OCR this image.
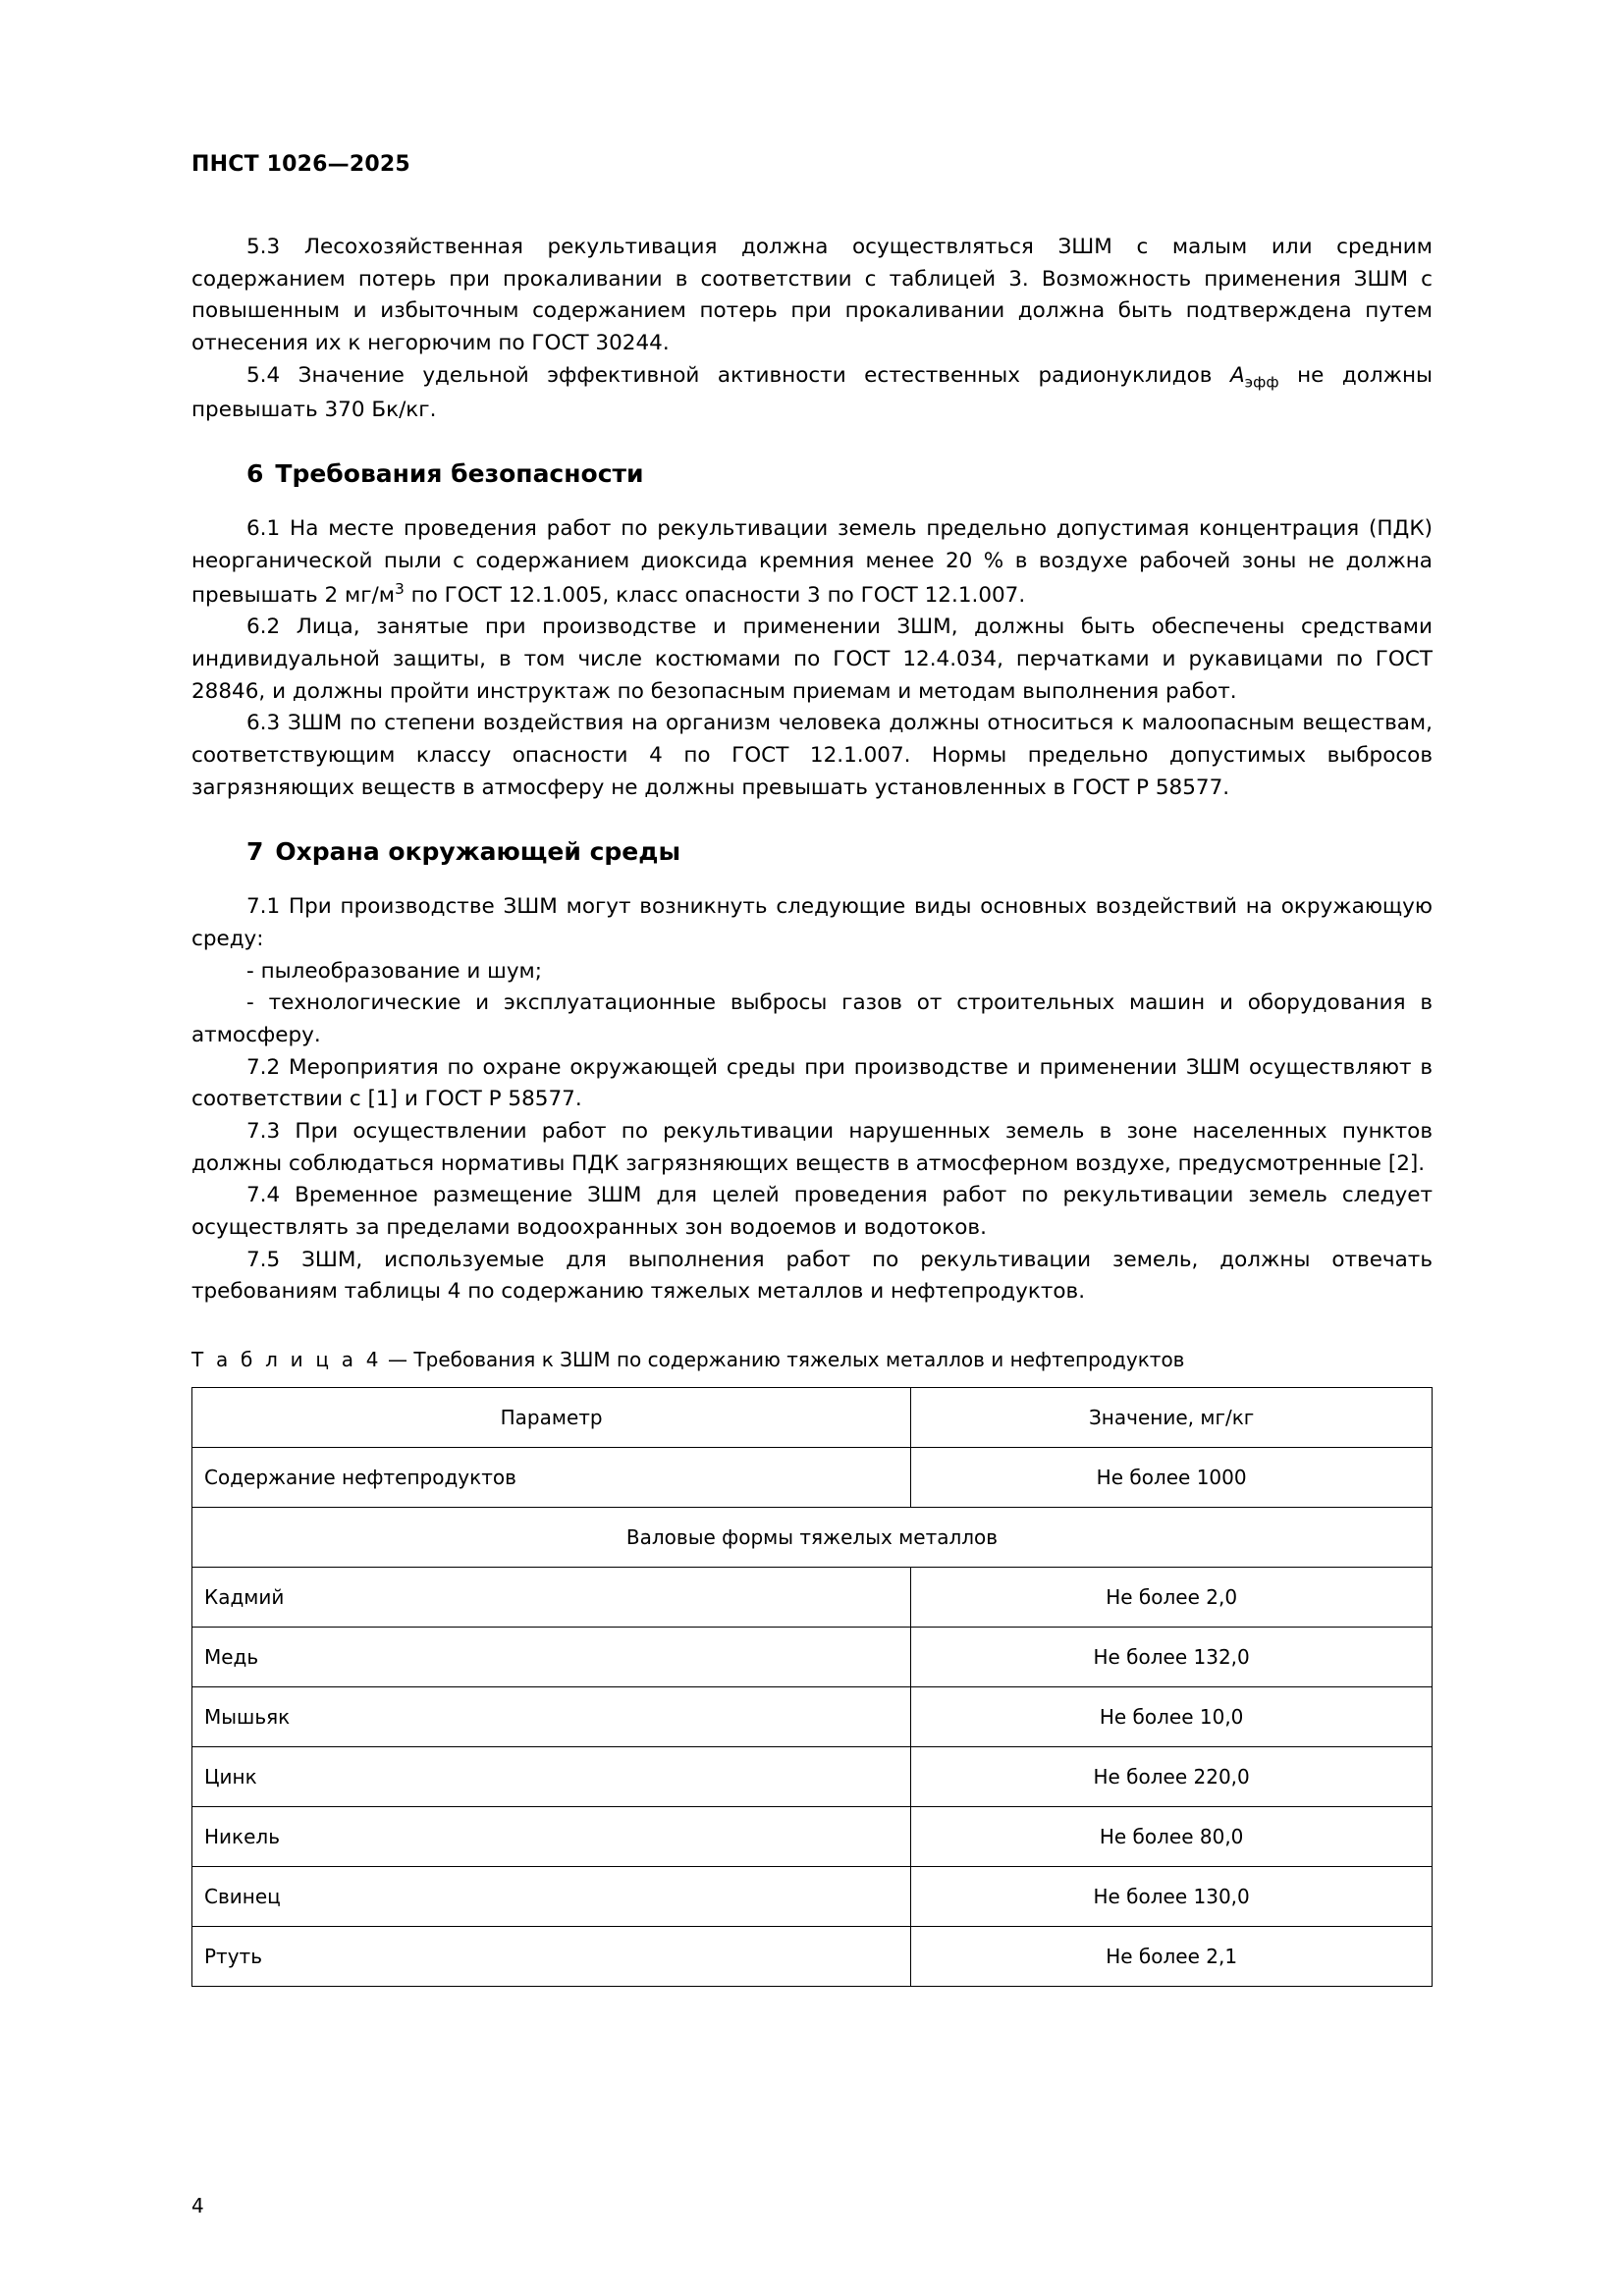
ПНСТ 1026—2025

5.3 Лесохозяйственная рекультивация должна осуществляться ЗШМ с малым или средним содержанием потерь при прокаливании в соответствии с таблицей 3. Возможность применения ЗШМ с повышенным и избыточным содержанием потерь при прокаливании должна быть подтверждена путем отнесения их к негорючим по ГОСТ 30244.

5.4 Значение удельной эффективной активности естественных радионуклидов $A_{эфф}$ не должны превышать 370 Бк/кг.

6 Требования безопасности

6.1 На месте проведения работ по рекультивации земель предельно допустимая концентрация (ПДК) неорганической пыли с содержанием диоксида кремния менее 20 % в воздухе рабочей зоны не должна превышать 2 $мг/м^3$ по ГОСТ 12.1.005, класс опасности 3 по ГОСТ 12.1.007.

6.2 Лица, занятые при производстве и применении ЗШМ, должны быть обеспечены средствами индивидуальной защиты, в том числе костюмами по ГОСТ 12.4.034, перчатками и рукавицами по ГОСТ 28846, и должны пройти инструктаж по безопасным приемам и методам выполнения работ.

6.3 ЗШМ по степени воздействия на организм человека должны относиться к малоопасным веществам, соответствующим классу опасности 4 по ГОСТ 12.1.007. Нормы предельно допустимых выбросов загрязняющих веществ в атмосферу не должны превышать установленных в ГОСТ Р 58577.

7 Охрана окружающей среды

7.1 При производстве ЗШМ могут возникнуть следующие виды основных воздействий на окружающую среду:

- пылеобразование и шум;

- технологические и эксплуатационные выбросы газов от строительных машин и оборудования в атмосферу.

7.2 Мероприятия по охране окружающей среды при производстве и применении ЗШМ осуществляют в соответствии с [1] и ГОСТ Р 58577.

7.3 При осуществлении работ по рекультивации нарушенных земель в зоне населенных пунктов должны соблюдаться нормативы ПДК загрязняющих веществ в атмосферном воздухе, предусмотренные [2].

7.4 Временное размещение ЗШМ для целей проведения работ по рекультивации земель следует осуществлять за пределами водоохранных зон водоемов и водотоков.

7.5 ЗШМ, используемые для выполнения работ по рекультивации земель, должны отвечать требованиям таблицы 4 по содержанию тяжелых металлов и нефтепродуктов.

Т а б л и ц а 4 — Требования к ЗШМ по содержанию тяжелых металлов и нефтепродуктов
Параметр	Значение, мг/кг
Содержание нефтепродуктов	Не более 1000
Валовые формы тяжелых металлов	
Кадмий	Не более 2,0
Медь	Не более 132,0
Мышьяк	Не более 10,0
Цинк	Не более 220,0
Никель	Не более 80,0
Свинец	Не более 130,0
Ртуть	Не более 2,1
4
